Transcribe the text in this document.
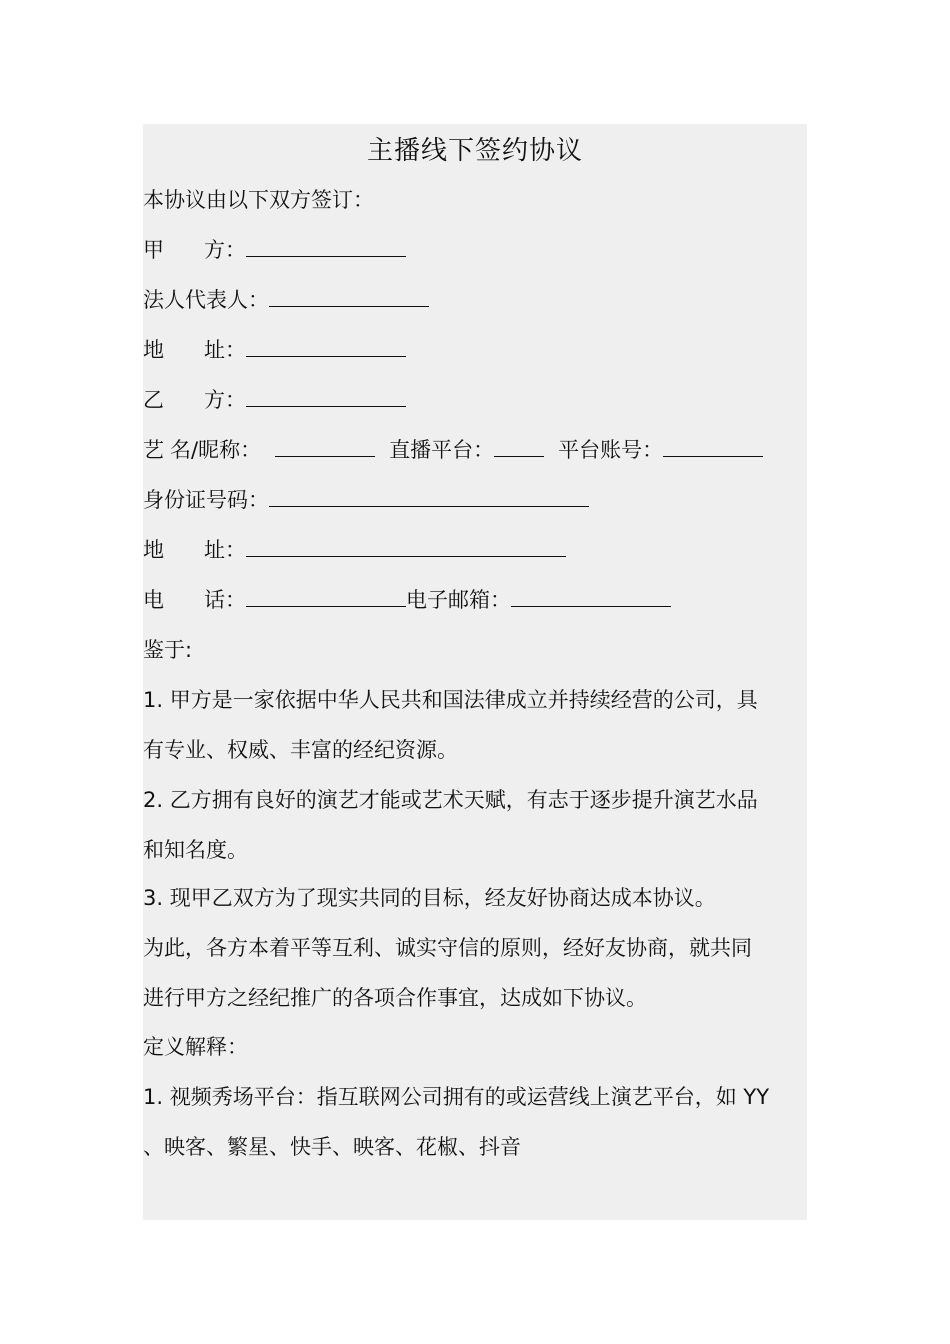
主播线下签约协议
本协议由以下双方签订：
甲 方：
法人代表人：
地 址：
乙 方：
艺 名/昵称：	直播平台：	平台账号：
身份证号码：
地 址：
电 话：	电子邮箱：
鉴于:
1. 甲方是一家依据中华人民共和国法律成立并持续经营的公司，具
有专业、权威、丰富的经纪资源。
2. 乙方拥有良好的演艺才能或艺术天赋，有志于逐步提升演艺水品
和知名度。
3. 现甲乙双方为了现实共同的目标，经友好协商达成本协议。
为此，各方本着平等互利、诚实守信的原则，经好友协商，就共同
进行甲方之经纪推广的各项合作事宜，达成如下协议。
定义解释：
1. 视频秀场平台：指互联网公司拥有的或运营线上演艺平台，如 YY
、映客、繁星、快手、映客、花椒、抖音
